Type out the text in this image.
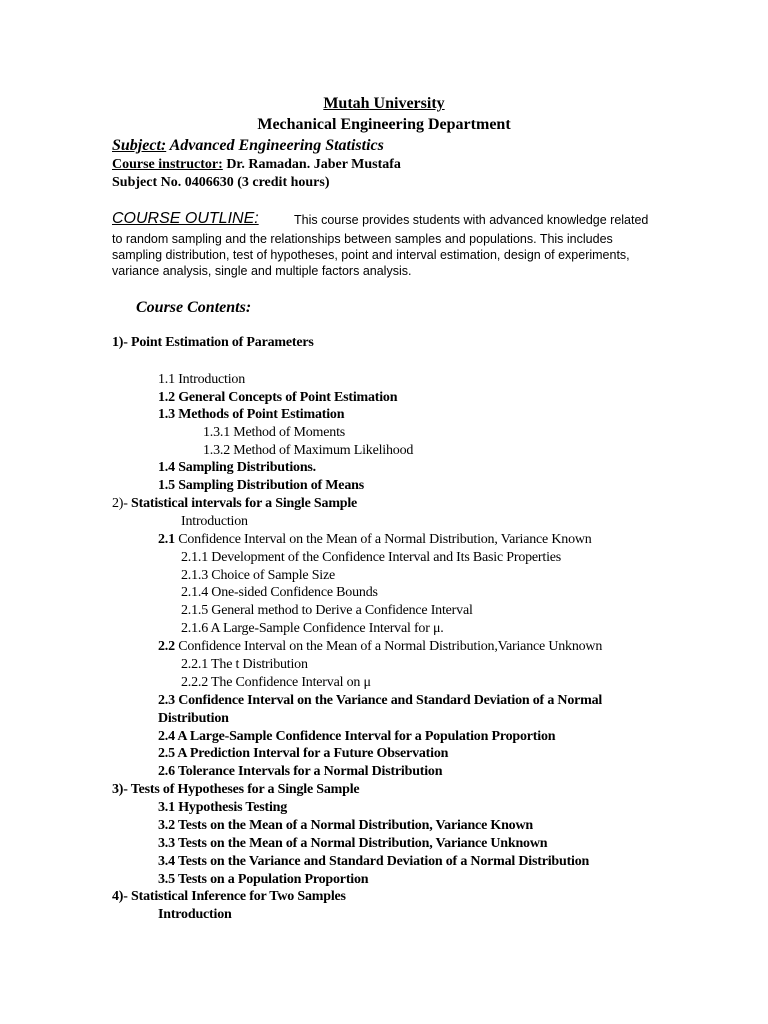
Mutah University
Mechanical Engineering Department
Subject: Advanced Engineering Statistics
Course instructor: Dr. Ramadan. Jaber Mustafa
Subject No. 0406630 (3 credit hours)
COURSE OUTLINE:	This course provides students with advanced knowledge related
to random sampling and the relationships between samples and populations. This includes
sampling distribution, test of hypotheses, point and interval estimation, design of experiments,
variance analysis, single and multiple factors analysis.
Course Contents:
1)- Point Estimation of Parameters
1.1 Introduction
1.2 General Concepts of Point Estimation
1.3 Methods of Point Estimation
1.3.1 Method of Moments
1.3.2 Method of Maximum Likelihood
1.4 Sampling Distributions.
1.5 Sampling Distribution of Means
2)- Statistical intervals for a Single Sample
Introduction
2.1 Confidence Interval on the Mean of a Normal Distribution, Variance Known
2.1.1 Development of the Confidence Interval and Its Basic Properties
2.1.3 Choice of Sample Size
2.1.4 One-sided Confidence Bounds
2.1.5 General method to Derive a Confidence Interval
2.1.6 A Large-Sample Confidence Interval for μ.
2.2 Confidence Interval on the Mean of a Normal Distribution,Variance Unknown
2.2.1 The t Distribution
2.2.2 The Confidence Interval on μ
2.3 Confidence Interval on the Variance and Standard Deviation of a Normal
Distribution
2.4 A Large-Sample Confidence Interval for a Population Proportion
2.5 A Prediction Interval for a Future Observation
2.6 Tolerance Intervals for a Normal Distribution
3)- Tests of Hypotheses for a Single Sample
3.1 Hypothesis Testing
3.2 Tests on the Mean of a Normal Distribution, Variance Known
3.3 Tests on the Mean of a Normal Distribution, Variance Unknown
3.4 Tests on the Variance and Standard Deviation of a Normal Distribution
3.5 Tests on a Population Proportion
4)- Statistical Inference for Two Samples
Introduction
